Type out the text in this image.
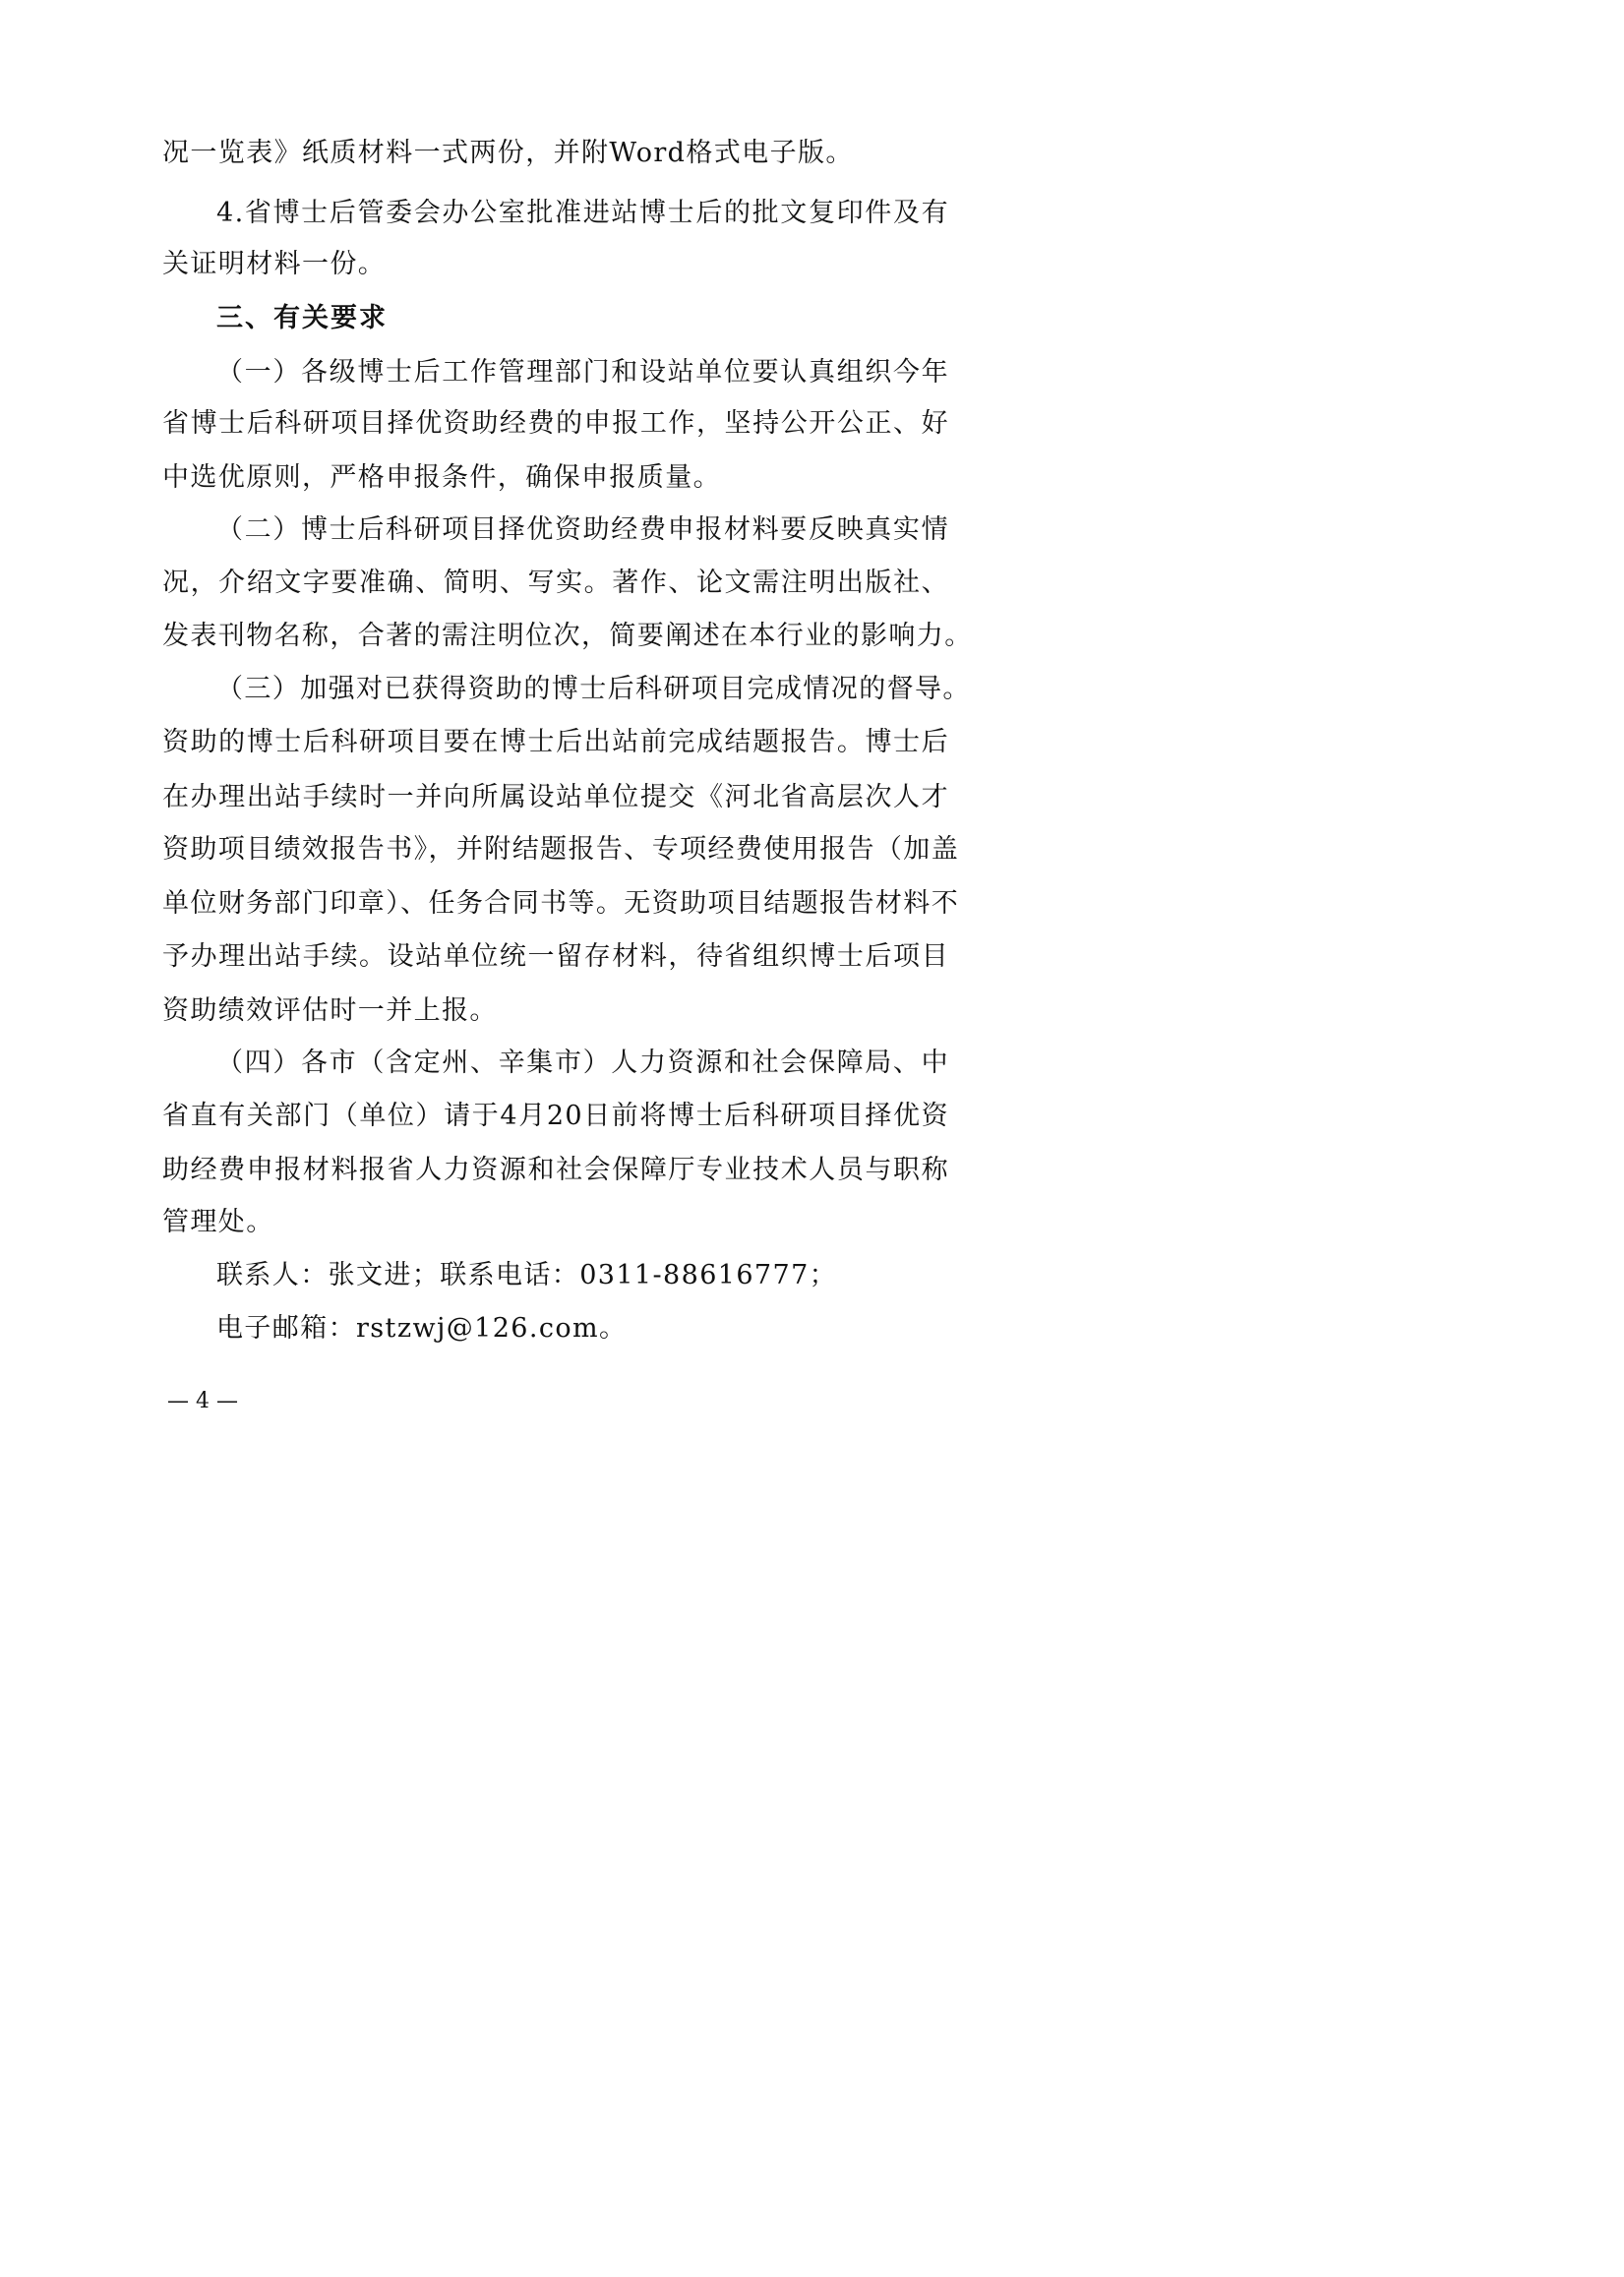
况一览表》纸质材料一式两份，并附Word格式电子版。
4.省博士后管委会办公室批准进站博士后的批文复印件及有
关证明材料一份。
三、有关要求
（一）各级博士后工作管理部门和设站单位要认真组织今年
省博士后科研项目择优资助经费的申报工作，坚持公开公正、好
中选优原则，严格申报条件，确保申报质量。
（二）博士后科研项目择优资助经费申报材料要反映真实情
况，介绍文字要准确、简明、写实。著作、论文需注明出版社、
发表刊物名称，合著的需注明位次，简要阐述在本行业的影响力。
（三）加强对已获得资助的博士后科研项目完成情况的督导。
资助的博士后科研项目要在博士后出站前完成结题报告。博士后
在办理出站手续时一并向所属设站单位提交《河北省高层次人才
资助项目绩效报告书》，并附结题报告、专项经费使用报告（加盖
单位财务部门印章）、任务合同书等。无资助项目结题报告材料不
予办理出站手续。设站单位统一留存材料，待省组织博士后项目
资助绩效评估时一并上报。
（四）各市（含定州、辛集市）人力资源和社会保障局、中
省直有关部门（单位）请于4月20日前将博士后科研项目择优资
助经费申报材料报省人力资源和社会保障厅专业技术人员与职称
管理处。
联系人：张文进；联系电话：0311-88616777；
电子邮箱：rstzwj@126.com。
— 4 —
